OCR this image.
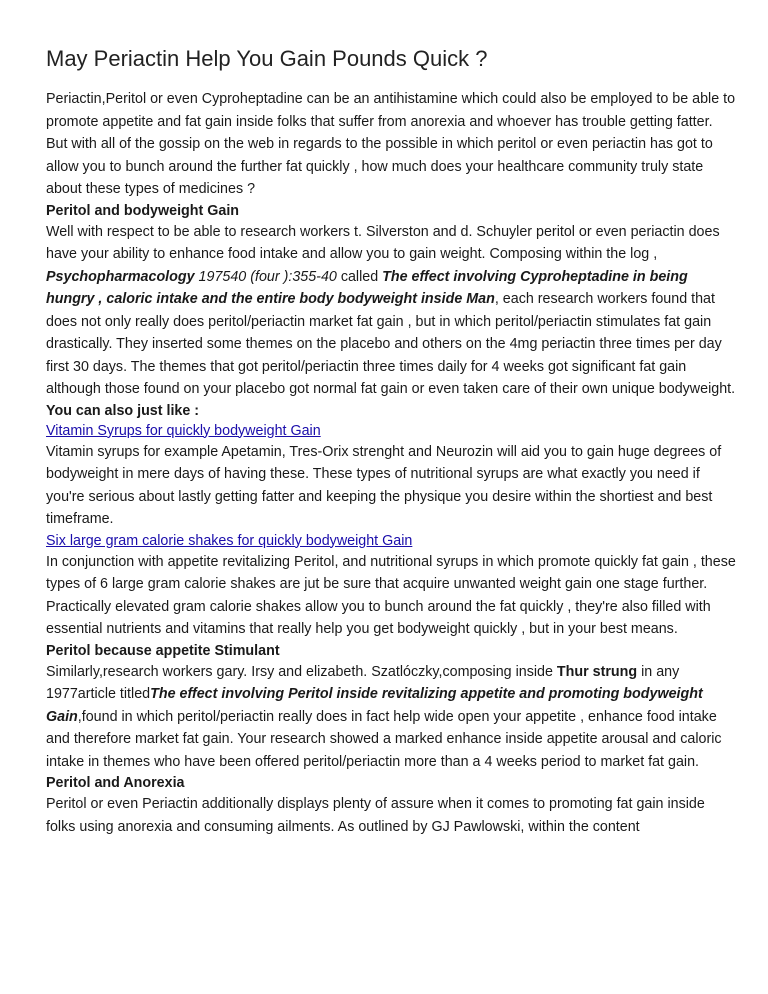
May Periactin Help You Gain Pounds Quick ?

Periactin,Peritol or even Cyproheptadine can be an antihistamine which could also be employed to be able to promote appetite and fat gain inside folks that suffer from anorexia and whoever has trouble getting fatter. But with all of the gossip on the web in regards to the possible in which peritol or even periactin has got to allow you to bunch around the further fat quickly , how much does your healthcare community truly state about these types of medicines ?

Peritol and bodyweight Gain

Well with respect to be able to research workers t. Silverston and d. Schuyler peritol or even periactin does have your ability to enhance food intake and allow you to gain weight. Composing within the log , Psychopharmacology 197540 (four ):355-40 called The effect involving Cyproheptadine in being hungry , caloric intake and the entire body bodyweight inside Man, each research workers found that does not only really does peritol/periactin market fat gain , but in which peritol/periactin stimulates fat gain drastically. They inserted some themes on the placebo and others on the 4mg periactin three times per day first 30 days. The themes that got peritol/periactin three times daily for 4 weeks got significant fat gain although those found on your placebo got normal fat gain or even taken care of their own unique bodyweight.

You can also just like :
Vitamin Syrups for quickly bodyweight Gain

Vitamin syrups for example Apetamin, Tres-Orix strenght and Neurozin will aid you to gain huge degrees of bodyweight in mere days of having these. These types of nutritional syrups are what exactly you need if you're serious about lastly getting fatter and keeping the physique you desire within the shortiest and best timeframe.

Six large gram calorie shakes for quickly bodyweight Gain

In conjunction with appetite revitalizing Peritol, and nutritional syrups in which promote quickly fat gain , these types of 6 large gram calorie shakes are jut be sure that acquire unwanted weight gain one stage further. Practically elevated gram calorie shakes allow you to bunch around the fat quickly , they're also filled with essential nutrients and vitamins that really help you get bodyweight quickly , but in your best means.

Peritol because appetite Stimulant

Similarly,research workers gary. Irsy and elizabeth. Szatlóczky,composing inside Thur strung in any 1977article titledThe effect involving Peritol inside revitalizing appetite and promoting bodyweight Gain,found in which peritol/periactin really does in fact help wide open your appetite , enhance food intake and therefore market fat gain. Your research showed a marked enhance inside appetite arousal and caloric intake in themes who have been offered peritol/periactin more than a 4 weeks period to market fat gain.

Peritol and Anorexia

Peritol or even Periactin additionally displays plenty of assure when it comes to promoting fat gain inside folks using anorexia and consuming ailments. As outlined by GJ Pawlowski, within the content
